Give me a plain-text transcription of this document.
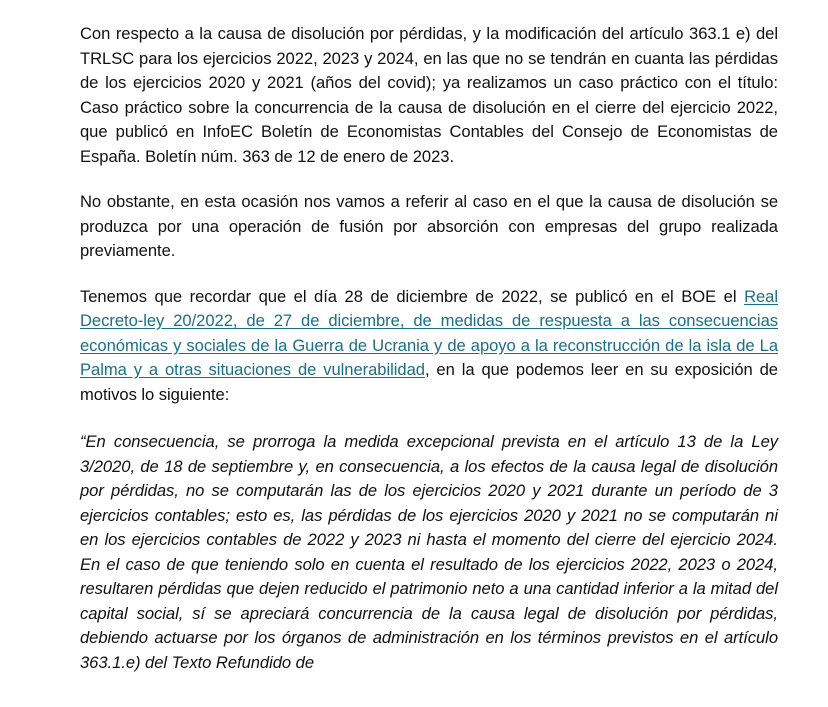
Con respecto a la causa de disolución por pérdidas, y la modificación del artículo 363.1 e) del TRLSC para los ejercicios 2022, 2023 y 2024, en las que no se tendrán en cuanta las pérdidas de los ejercicios 2020 y 2021 (años del covid); ya realizamos un caso práctico con el título: Caso práctico sobre la concurrencia de la causa de disolución en el cierre del ejercicio 2022, que publicó en InfoEC Boletín de Economistas Contables del Consejo de Economistas de España. Boletín núm. 363 de 12 de enero de 2023.

No obstante, en esta ocasión nos vamos a referir al caso en el que la causa de disolución se produzca por una operación de fusión por absorción con empresas del grupo realizada previamente.

Tenemos que recordar que el día 28 de diciembre de 2022, se publicó en el BOE el Real Decreto-ley 20/2022, de 27 de diciembre, de medidas de respuesta a las consecuencias económicas y sociales de la Guerra de Ucrania y de apoyo a la reconstrucción de la isla de La Palma y a otras situaciones de vulnerabilidad, en la que podemos leer en su exposición de motivos lo siguiente:

“En consecuencia, se prorroga la medida excepcional prevista en el artículo 13 de la Ley 3/2020, de 18 de septiembre y, en consecuencia, a los efectos de la causa legal de disolución por pérdidas, no se computarán las de los ejercicios 2020 y 2021 durante un período de 3 ejercicios contables; esto es, las pérdidas de los ejercicios 2020 y 2021 no se computarán ni en los ejercicios contables de 2022 y 2023 ni hasta el momento del cierre del ejercicio 2024. En el caso de que teniendo solo en cuenta el resultado de los ejercicios 2022, 2023 o 2024, resultaren pérdidas que dejen reducido el patrimonio neto a una cantidad inferior a la mitad del capital social, sí se apreciará concurrencia de la causa legal de disolución por pérdidas, debiendo actuarse por los órganos de administración en los términos previstos en el artículo 363.1.e) del Texto Refundido de
